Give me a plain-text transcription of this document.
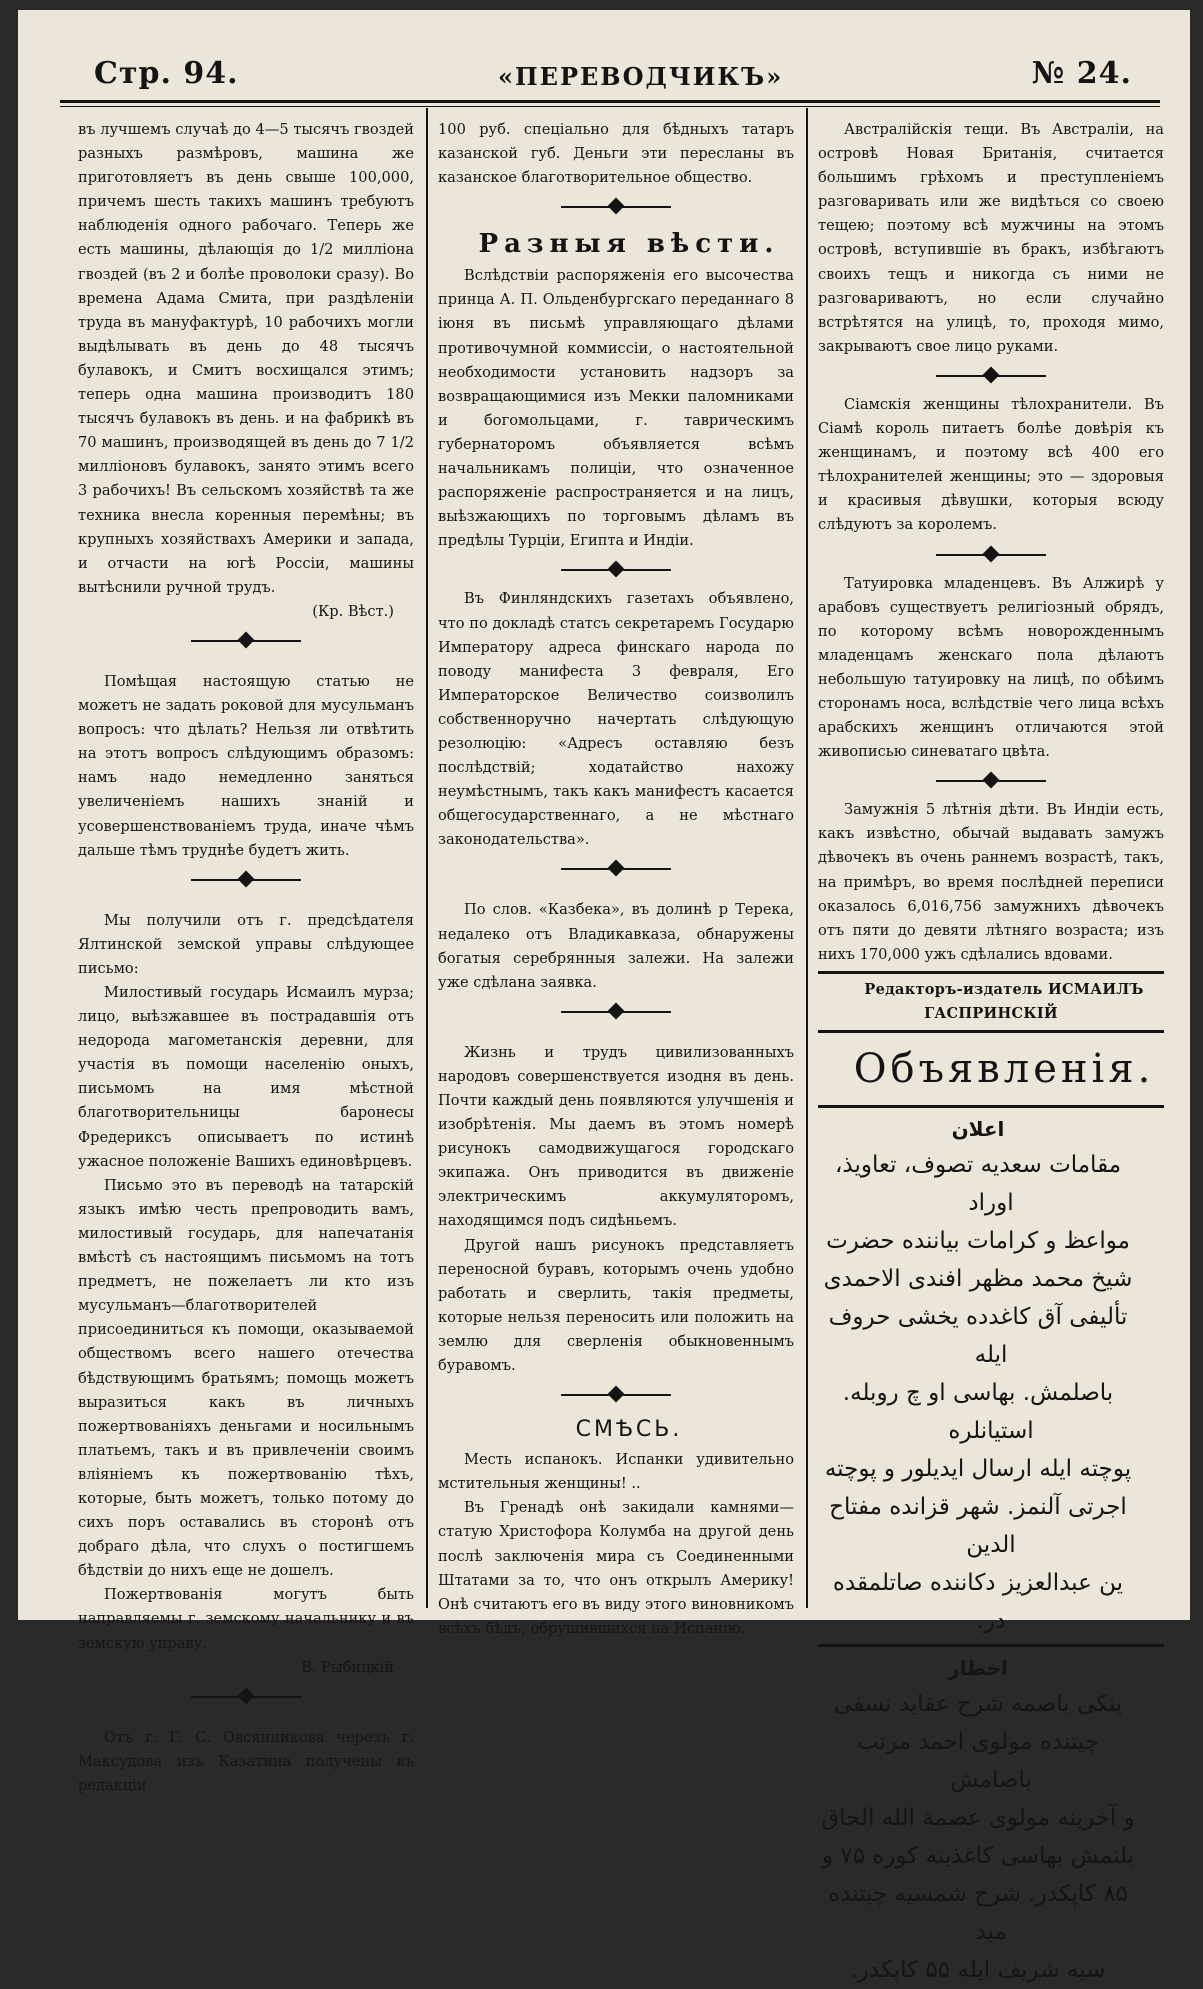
Стр. 94.	«ПЕРЕВОДЧИКЪ»	№ 24.

въ лучшемъ случаѣ до 4—5 тысячъ гвоздей разныхъ размѣровъ, машина же приготовляетъ въ день свыше 100,000, причемъ шесть такихъ машинъ требуютъ наблюденія одного рабочаго. Теперь же есть машины, дѣлающія до 1/2 милліона гвоздей (въ 2 и болѣе проволоки сразу). Во времена Адама Смита, при раздѣленіи труда въ мануфактурѣ, 10 рабочихъ могли выдѣлывать въ день до 48 тысячъ булавокъ, и Смитъ восхищался этимъ; теперь одна машина производитъ 180 тысячъ булавокъ въ день. и на фабрикѣ въ 70 машинъ, производящей въ день до 7 1/2 милліоновъ булавокъ, занято этимъ всего 3 рабочихъ! Въ сельскомъ хозяйствѣ та же техника внесла коренныя перемѣны; въ крупныхъ хозяйствахъ Америки и запада, и отчасти на югѣ Россіи, машины вытѣснили ручной трудъ.

(Кр. Вѣст.)

Помѣщая настоящую статью не можетъ не задать роковой для мусульманъ вопросъ: что дѣлать? Нельзя ли отвѣтить на этотъ вопросъ слѣдующимъ образомъ: намъ надо немедленно заняться увеличеніемъ нашихъ знаній и усовершенствованіемъ труда, иначе чѣмъ дальше тѣмъ труднѣе будетъ жить.

Мы получили отъ г. предсѣдателя Ялтинской земской управы слѣдующее письмо:

Милостивый государь Исмаилъ мурза; лицо, выѣзжавшее въ пострадавшія отъ недорода магометанскія деревни, для участія въ помощи населенію оныхъ, письмомъ на имя мѣстной благотворительницы баронесы Фредерикcъ описываетъ по истинѣ ужасное положеніе Вашихъ единовѣрцевъ.

Письмо это въ переводѣ на татарскій языкъ имѣю честь препроводить вамъ, милостивый государь, для напечатанія вмѣстѣ съ настоящимъ письмомъ на тотъ предметъ, не пожелаетъ ли кто изъ мусульманъ—благотворителей присоединиться къ помощи, оказываемой обществомъ всего нашего отечества бѣдствующимъ братьямъ; помощь можетъ выразиться какъ въ личныхъ пожертвованіяхъ деньгами и носильнымъ платьемъ, такъ и въ привлеченіи своимъ вліяніемъ къ пожертвованію тѣхъ, которые, быть можетъ, только потому до сихъ поръ оставались въ сторонѣ отъ добраго дѣла, что слухъ о постигшемъ бѣдствіи до нихъ еще не дошелъ.

Пожертвованія могутъ быть направляемы г. земскому начальнику и въ земскую управу.

В. Рыбицкій

Отъ г. Г. С. Овсянникова черезъ г. Максудова изъ Казатина получены въ редакціи

100 руб. спеціально для бѣдныхъ татаръ казанской губ. Деньги эти пересланы въ казанское благотворительное общество.

Разныя вѣсти.

Вслѣдствіи распоряженія его высочества принца А. П. Ольденбургскаго переданнаго 8 іюня въ письмѣ управляющаго дѣлами противочумной коммиссіи, о настоятельной необходимости установить надзоръ за возвращающимися изъ Мекки паломниками и богомольцами, г. таврическимъ губернаторомъ объявляется всѣмъ начальникамъ полиціи, что означенное распоряженіе распространяется и на лицъ, выѣзжающихъ по торговымъ дѣламъ въ предѣлы Турціи, Египта и Индіи.

Въ Финляндскихъ газетахъ объявлено, что по докладѣ статсъ секретаремъ Государю Императору адреса финскаго народа по поводу манифеста 3 февраля, Его Императорское Величество соизволилъ собственноручно начертать слѣдующую резолюцію: «Адресъ оставляю безъ послѣдствій; ходатайство нахожу неумѣстнымъ, такъ какъ манифестъ касается общегосударственнаго, а не мѣстнаго законодательства».

По слов. «Казбека», въ долинѣ р Терека, недалеко отъ Владикавказа, обнаружены богатыя серебрянныя залежи. На залежи уже сдѣлана заявка.

Жизнь и трудъ цивилизованныхъ народовъ совершенствуется изодня въ день. Почти каждый день появляются улучшенія и изобрѣтенія. Мы даемъ въ этомъ номерѣ рисунокъ самодвижущагося городскаго экипажа. Онъ приводится въ движеніе электрическимъ аккумуляторомъ, находящимся подъ сидѣньемъ.

Другой нашъ рисунокъ представляетъ переносной буравъ, которымъ очень удобно работать и сверлить, такія предметы, которые нельзя переносить или положить на землю для сверленія обыкновеннымъ буравомъ.

СМѢСЬ.

Месть испанокъ. Испанки удивительно мстительныя женщины! ..

Въ Гренадѣ онѣ закидали камнями—статую Христофора Колумба на другой день послѣ заключенія мира съ Соединенными Штатами за то, что онъ открылъ Америку! Онѣ считаютъ его въ виду этого виновникомъ всѣхъ бѣдъ, обрушившихся на Испанію.

Австралійскія тещи. Въ Австраліи, на островѣ Новая Британія, считается большимъ грѣхомъ и преступленіемъ разговаривать или же видѣться со своею тещею; поэтому всѣ мужчины на этомъ островѣ, вступившіе въ бракъ, избѣгаютъ своихъ тещъ и никогда съ ними не разговариваютъ, но если случайно встрѣтятся на улицѣ, то, проходя мимо, закрываютъ свое лицо руками.

Сіамскія женщины тѣлохранители. Въ Сіамѣ король питаетъ болѣе довѣрія къ женщинамъ, и поэтому всѣ 400 его тѣлохранителей женщины; это — здоровыя и красивыя дѣвушки, которыя всюду слѣдуютъ за королемъ.

Татуировка младенцевъ. Въ Алжирѣ у арабовъ существуетъ религіозный обрядъ, по которому всѣмъ новорожденнымъ младенцамъ женскаго пола дѣлаютъ небольшую татуировку на лицѣ, по обѣимъ сторонамъ носа, вслѣдствіе чего лица всѣхъ арабскихъ женщинъ отличаются этой живописью синеватаго цвѣта.

Замужнія 5 лѣтнія дѣти. Въ Индіи есть, какъ извѣстно, обычай выдавать замужъ дѣвочекъ въ очень раннемъ возрастѣ, такъ, на примѣръ, во время послѣдней переписи оказалось 6,016,756 замужнихъ дѣвочекъ отъ пяти до девяти лѣтняго возраста; изъ нихъ 170,000 ужъ сдѣлались вдовами.

Редакторъ-издатель ИСМАИЛЪ ГАСПРИНСКІЙ

Объявленія.

اعلان

مقامات سعدیه تصوف، تعاویذ، اوراد

مواعظ و کرامات بیاننده حضرت

شیخ محمد مظهر افندی الاحمدی

تألیفی آق کاغدده یخشی حروف ایله

باصلمش. بهاسی او چ روبله. استیانلره

پوچته ایله ارسال ایدیلور و پوچته

اجرتی آلنمز. شهر قزانده مفتاح الدین

ین عبدالعزیز دکاننده صاتلمقده در.

اخطار

ینکی باصمه شرح عقاید نسفی

چیتنده مولوی احمد مرتب باصامش

و آخرینه مولوی عصمة الله الحاق

بلنمش بهاسی کاغذینه کوره ۷۵ و

۸۵ کاپکدر. شرح شمسیه چیتنده مید

سیه شریف ایله ۵۵ کاپکدر.
